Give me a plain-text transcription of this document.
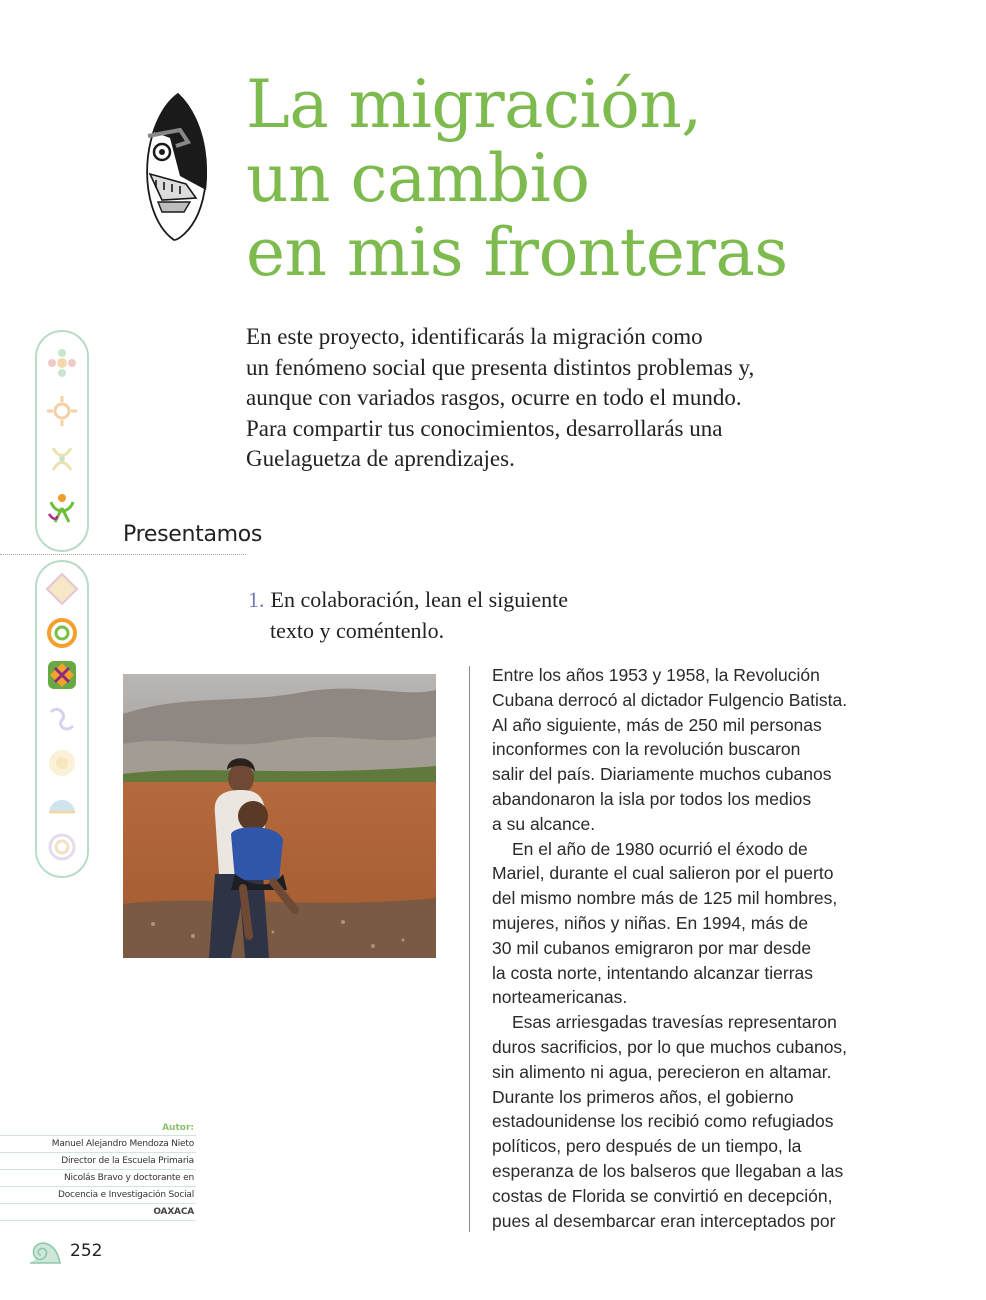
La migración,
un cambio
en mis fronteras
En este proyecto, identificarás la migración como
un fenómeno social que presenta distintos problemas y,
aunque con variados rasgos, ocurre en todo el mundo.
Para compartir tus conocimientos, desarrollarás una
Guelaguetza de aprendizajes.
Presentamos
1. En colaboración, lean el siguiente
texto y coméntenlo.
Entre los años 1953 y 1958, la Revolución
Cubana derrocó al dictador Fulgencio Batista.
Al año siguiente, más de 250 mil personas
inconformes con la revolución buscaron
salir del país. Diariamente muchos cubanos
abandonaron la isla por todos los medios
a su alcance.
En el año de 1980 ocurrió el éxodo de
Mariel, durante el cual salieron por el puerto
del mismo nombre más de 125 mil hombres,
mujeres, niños y niñas. En 1994, más de
30 mil cubanos emigraron por mar desde
la costa norte, intentando alcanzar tierras
norteamericanas.
Esas arriesgadas travesías representaron
duros sacrificios, por lo que muchos cubanos,
sin alimento ni agua, perecieron en altamar.
Durante los primeros años, el gobierno
estadounidense los recibió como refugiados
políticos, pero después de un tiempo, la
esperanza de los balseros que llegaban a las
costas de Florida se convirtió en decepción,
pues al desembarcar eran interceptados por
Autor:
Manuel Alejandro Mendoza Nieto
Director de la Escuela Primaria
Nicolás Bravo y doctorante en
Docencia e Investigación Social
OAXACA
252
